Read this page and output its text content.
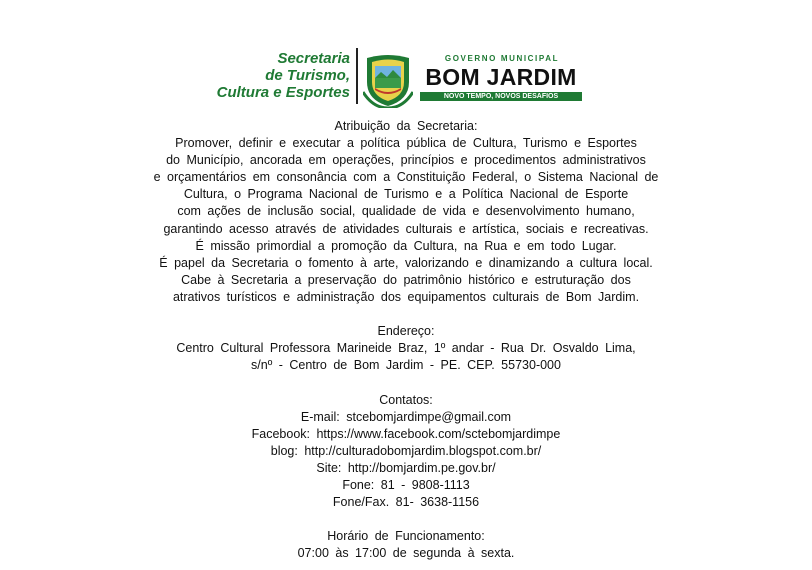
Secretaria
de Turismo,
Cultura e Esportes
GOVERNO MUNICIPAL
BOM JARDIM
NOVO TEMPO, NOVOS DESAFIOS
Atribuição da Secretaria:
Promover, definir e executar a política pública de Cultura, Turismo e Esportes
do Município, ancorada em operações, princípios e procedimentos administrativos
e orçamentários em consonância com a Constituição Federal, o Sistema Nacional de
Cultura, o Programa Nacional de Turismo e a Política Nacional de Esporte
com ações de inclusão social, qualidade de vida e desenvolvimento humano,
garantindo acesso através de atividades culturais e artística, sociais e recreativas.
É missão primordial a promoção da Cultura, na Rua e em todo Lugar.
É papel da Secretaria o fomento à arte, valorizando e dinamizando a cultura local.
Cabe à Secretaria a preservação do patrimônio histórico e estruturação dos
atrativos turísticos e administração dos equipamentos culturais de Bom Jardim.
Endereço:
Centro Cultural Professora Marineide Braz, 1º andar - Rua Dr. Osvaldo Lima,
s/nº - Centro de Bom Jardim - PE. CEP. 55730-000
Contatos:
E-mail: stcebomjardimpe@gmail.com
Facebook: https://www.facebook.com/sctebomjardimpe
blog: http://culturadobomjardim.blogspot.com.br/
Site: http://bomjardim.pe.gov.br/
Fone: 81 - 9808-1113
Fone/Fax. 81- 3638-1156
Horário de Funcionamento:
07:00 às 17:00 de segunda à sexta.
